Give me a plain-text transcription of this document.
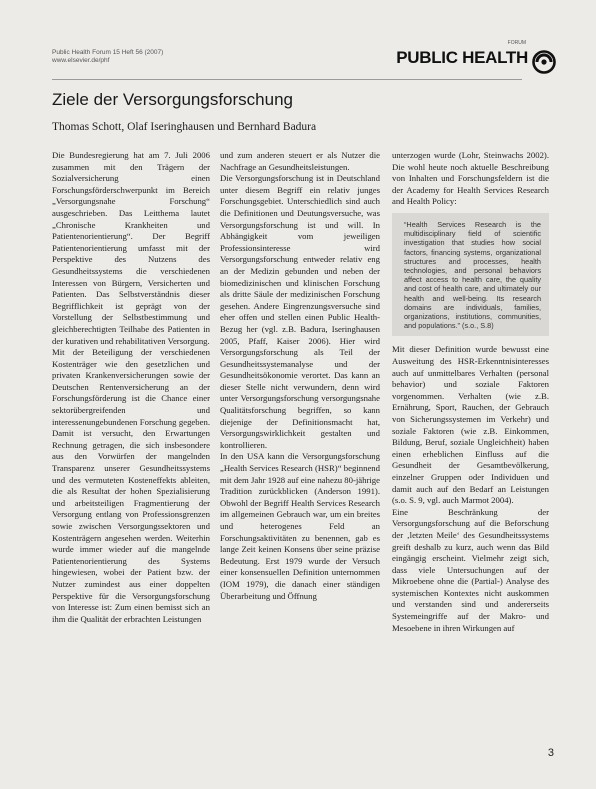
Public Health Forum 15 Heft 56 (2007)
www.elsevier.de/phf
FORUM
PUBLIC HEALTH
Ziele der Versorgungsforschung
Thomas Schott, Olaf Iseringhausen und Bernhard Badura

Die Bundesregierung hat am 7. Juli 2006 zusammen mit den Trägern der Sozialversicherung einen Forschungsförderschwerpunkt im Bereich „Versorgungsnahe Forschung“ ausgeschrieben. Das Leitthema lautet „Chronische Krankheiten und Patientenorientierung“. Der Begriff Patientenorientierung umfasst mit der Perspektive des Nutzens des Gesundheitssystems die verschiedenen Interessen von Bürgern, Versicherten und Patienten. Das Selbstverständnis dieser Begrifflichkeit ist geprägt von der Vorstellung der Selbstbestimmung und gleichberechtigten Teilhabe des Patienten in der kurativen und rehabilitativen Versorgung.

Mit der Beteiligung der verschiedenen Kostenträger wie den gesetzlichen und privaten Krankenversicherungen sowie der Deutschen Rentenversicherung an der Forschungsförderung ist die Chance einer sektorübergreifenden und interessenungebundenen Forschung gegeben. Damit ist versucht, den Erwartungen Rechnung getragen, die sich insbesondere aus den Vorwürfen der mangelnden Transparenz unserer Gesundheitssystems und des vermuteten Kosteneffekts ableiten, die als Resultat der hohen Spezialisierung und arbeitsteiligen Fragmentierung der Versorgung entlang von Professionsgrenzen sowie zwischen Versorgungssektoren und Kostenträgern angesehen werden. Weiterhin wurde immer wieder auf die mangelnde Patientenorientierung des Systems hingewiesen, wobei der Patient bzw. der Nutzer zumindest aus einer doppelten Perspektive für die Versorgungsforschung von Interesse ist: Zum einen bemisst sich an ihm die Qualität der erbrachten Leistungen

und zum anderen steuert er als Nutzer die Nachfrage an Gesundheitsleistungen.

Die Versorgungsforschung ist in Deutschland unter diesem Begriff ein relativ junges Forschungsgebiet. Unterschiedlich sind auch die Definitionen und Deutungsversuche, was Versorgungsforschung ist und will. In Abhängigkeit vom jeweiligen Professionsinteresse wird Versorgungsforschung entweder relativ eng an der Medizin gebunden und neben der biomedizinischen und klinischen Forschung als dritte Säule der medizinischen Forschung gesehen. Andere Eingrenzungsversuche sind eher offen und stellen einen Public Health-Bezug her (vgl. z.B. Badura, Iseringhausen 2005, Pfaff, Kaiser 2006). Hier wird Versorgungsforschung als Teil der Gesundheitssystemanalyse und der Gesundheitsökonomie verortet. Das kann an dieser Stelle nicht verwundern, denn wird unter Versorgungsforschung versorgungsnahe Qualitätsforschung begriffen, so kann diejenige der Definitionsmacht hat, Versorgungswirklichkeit gestalten und kontrollieren.

In den USA kann die Versorgungsforschung „Health Services Research (HSR)“ beginnend mit dem Jahr 1928 auf eine nahezu 80-jährige Tradition zurückblicken (Anderson 1991). Obwohl der Begriff Health Services Research im allgemeinen Gebrauch war, um ein breites und heterogenes Feld an Forschungsaktivitäten zu benennen, gab es lange Zeit keinen Konsens über seine präzise Bedeutung. Erst 1979 wurde der Versuch einer konsensuellen Definition unternommen (IOM 1979), die danach einer ständigen Überarbeitung und Öffnung

unterzogen wurde (Lohr, Steinwachs 2002). Die wohl heute noch aktuelle Beschreibung von Inhalten und Forschungsfeldern ist die der Academy for Health Services Research and Health Policy:

“Health Services Research is the multidisciplinary field of scientific investigation that studies how social factors, financing systems, organizational structures and processes, health technologies, and personal behaviors affect access to health care, the quality and cost of health care, and ultimately our health and well-being. Its research domains are individuals, families, organizations, institutions, communities, and populations.” (s.o., S.8)

Mit dieser Definition wurde bewusst eine Ausweitung des HSR-Erkenntnisinteresses auch auf unmittelbares Verhalten (personal behavior) und soziale Faktoren vorgenommen. Verhalten (wie z.B. Ernährung, Sport, Rauchen, der Gebrauch von Sicherungssystemen im Verkehr) und soziale Faktoren (wie z.B. Einkommen, Bildung, Beruf, soziale Ungleichheit) haben einen erheblichen Einfluss auf die Gesundheit der Gesamtbevölkerung, einzelner Gruppen oder Individuen und damit auch auf den Bedarf an Leistungen (s.o. S. 9, vgl. auch Marmot 2004).

Eine Beschränkung der Versorgungsforschung auf die Beforschung der ‚letzten Meile‘ des Gesundheitssystems greift deshalb zu kurz, auch wenn das Bild eingängig erscheint. Vielmehr zeigt sich, dass viele Untersuchungen auf der Mikroebene ohne die (Partial-) Analyse des systemischen Kontextes nicht auskommen und verstanden sind und andererseits Systemeingriffe auf der Makro- und Mesoebene in ihren Wirkungen auf

3
